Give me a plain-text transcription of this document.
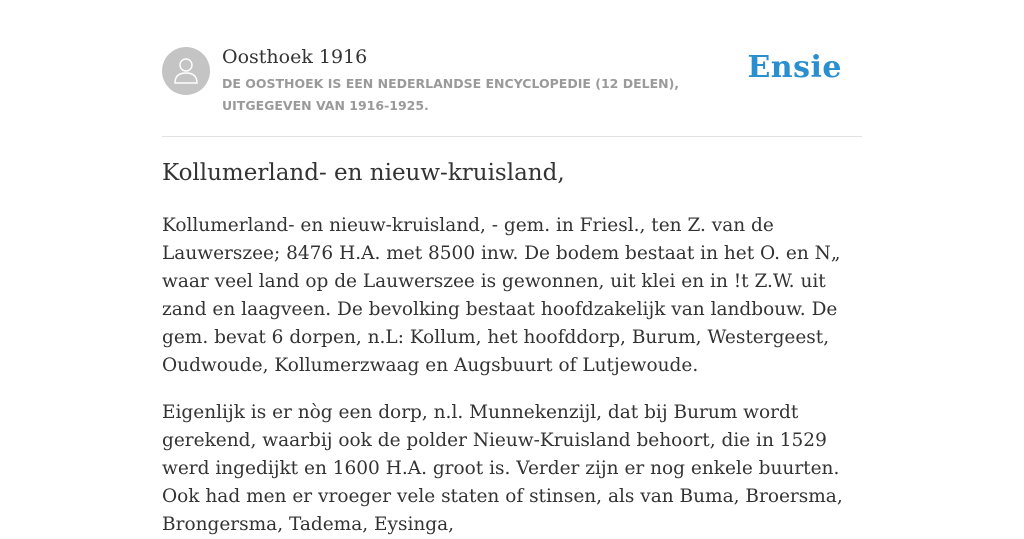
Oosthoek 1916
DE OOSTHOEK IS EEN NEDERLANDSE ENCYCLOPEDIE (12 DELEN), UITGEGEVEN VAN 1916-1925.
Ensie
Kollumerland- en nieuw-kruisland,

Kollumerland- en nieuw-kruisland, - gem. in Friesl., ten Z. van de Lauwerszee; 8476 H.A. met 8500 inw. De bodem bestaat in het O. en N„ waar veel land op de Lauwerszee is gewonnen, uit klei en in !t Z.W. uit zand en laagveen. De bevolking bestaat hoofdzakelijk van landbouw. De gem. bevat 6 dorpen, n.L: Kollum, het hoofddorp, Burum, Westergeest, Oudwoude, Kollumerzwaag en Augsbuurt of Lutjewoude.

Eigenlijk is er nòg een dorp, n.l. Munnekenzijl, dat bij Burum wordt gerekend, waarbij ook de polder Nieuw-Kruisland behoort, die in 1529 werd ingedijkt en 1600 H.A. groot is. Verder zijn er nog enkele buurten. Ook had men er vroeger vele staten of stinsen, als van Buma, Broersma, Brongersma, Tadema, Eysinga,
